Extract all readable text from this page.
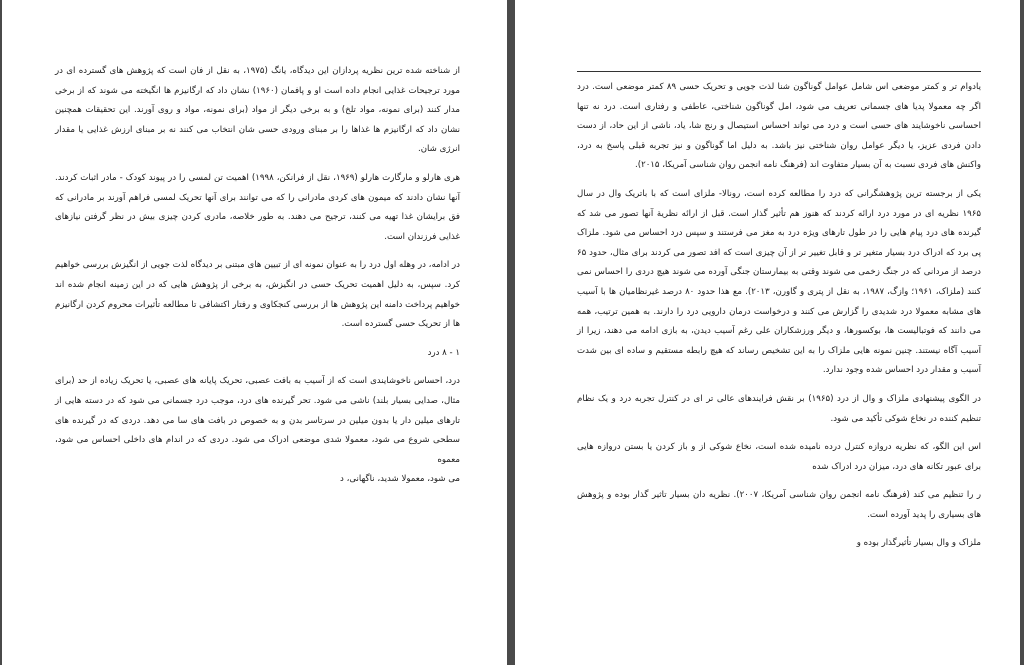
از شناخته شده ترین نظریه پردازان این دیدگاه، یانگ (۱۹۷۵، به نقل از فان است که پژوهش های گسترده ای در مورد ترجیحات غذایی انجام داده است او و پافمان (۱۹۶۰) نشان داد که ارگانیزم ها انگیخته می شوند که از برخی مدار کنند (برای نمونه، مواد تلخ) و به برخی دیگر از مواد (برای نمونه، مواد و روی آورند. این تحقیقات همچنین نشان داد که ارگانیزم ها غذاها را بر مبنای ورودی حسی شان انتخاب می کنند نه بر مبنای ارزش غذایی یا مقدار انرژی شان.

هری هارلو و مارگارت هارلو (۱۹۶۹، نقل از فرانکن، ۱۹۹۸) اهمیت تن لمسی را در پیوند کودک - مادر اثبات کردند. آنها نشان دادند که میمون های کردی مادرانی را که می توانند برای آنها تحریک لمسی فراهم آورند بر مادرانی که فق برایشان غذا تهیه می کنند، ترجیح می دهند. به طور خلاصه، مادری کردن چیزی بیش در نظر گرفتن نیازهای غذایی فرزندان است.

در ادامه، در وهله اول درد را به عنوان نمونه ای از تبیین های مبتنی بر دیدگاه لذت جویی از انگیزش بررسی خواهیم کرد. سپس، به دلیل اهمیت تحریک حسی در انگیزش، به برخی از پژوهش هایی که در این زمینه انجام شده اند خواهیم پرداخت دامنه این پژوهش ها از بررسی کنجکاوی و رفتار اکتشافی تا مطالعه تأثیرات محروم کردن ارگانیزم ها از تحریک حسی گسترده است.

۱ - ۸ درد

درد، احساس ناخوشایندی است که از آسیب به بافت عصبی، تحریک پایانه های عصبی، یا تحریک زیاده از حد (برای مثال، صدایی بسیار بلند) ناشی می شود. تحر گیرنده های درد، موجب درد جسمانی می شود که در دسته هایی از تارهای میلین دار یا بدون میلین در سرتاسر بدن و به خصوص در بافت های سا می دهد. دردی که در گیرنده های سطحی شروع می شود، معمولا شدی موضعی ادراک می شود. دردی که در اندام های داخلی احساس می شود، معموه

می شود، معمولا شدید، ناگهانی، د

یادوام تر و کمتر موضعی اس شامل عوامل گوناگون شنا لذت جویی و تحریک حسی ۸۹ کمتر موضعی است. درد اگر چه معمولا پدیا های جسمانی تعریف می شود، امل گوناگون شناختی، عاطفی و رفتاری است. درد نه تنها احساسی ناخوشایند های حسی است و درد می تواند احساس استیصال و رنج شا، یاد، ناشی از این حاد، از دست دادن فردی عزیز، یا دیگر عوامل روان شناختی نیز باشد. به دلیل اما گوناگون و نیز تجربه قبلی پاسخ به درد، واکنش های فردی نسبت به آن بسیار متفاوت اند (فرهنگ نامه انجمن روان شناسی آمریکا، ۲۰۱۵).

یکی از برجسته ترین پژوهشگرانی که درد را مطالعه کرده است، رونالا- ملزای است که با باتریک وال در سال ۱۹۶۵ نظریه ای در مورد درد ارائه کردند که هنوز هم تأثیر گذار است. قبل از ارائه نظریة آنها تصور می شد که گیرنده های درد پیام هایی را در طول تارهای ویژه درد به مغز می فرستند و سپس درد احساس می شود. ملزاک پی برد که ادراک درد بسیار متغیر تر و قابل تغییر تر از آن چیزی است که افد تصور می کردند برای مثال، حدود ۶۵ درصد از مردانی که در جنگ زخمی می شوند وقتی به بیمارستان جنگی آورده می شوند هیچ دردی را احساس نمی کنند (ملزاک، ۱۹۶۱؛ وازگ، ۱۹۸۷، به نقل از پتری و گاورن، ۲۰۱۳). مع هذا حدود ۸۰ درصد غیرنظامیان ها با آسیب های مشابه معمولا درد شدیدی را گزارش می کنند و درخواست درمان دارویی درد را دارند. به همین ترتیب، همه می دانند که فوتبالیست ها، بوکسورها، و دیگر ورزشکاران علی رغم آسیب دیدن، به بازی ادامه می دهند، زیرا از آسیب آگاه نیستند. چنین نمونه هایی ملزاک را به این تشخیص رساند که هیچ رابطه مستقیم و ساده ای بین شدت آسیب و مقدار درد احساس شده وجود ندارد.

در الگوی پیشنهادی ملزاک و وال از درد (۱۹۶۵) بر نقش فرایندهای عالی تر ای در کنترل تجربه درد و یک نظام تنظیم کننده در نخاع شوکی تأکید می شود.

اس این الگو، که نظریه دروازه کنترل درده نامیده شده است، نخاع شوکی از و باز کردن یا بستن دروازه هایی برای عبور تکانه های درد، میزان درد ادراک شده

ر را تنظیم می کند (فرهنگ نامه انجمن روان شناسی آمریکا، ۲۰۰۷). نظریه دان بسیار تاثیر گذار بوده و پژوهش های بسیاری را پدید آورده است.

ملزاک و وال بسیار تأثیرگذار بوده و
